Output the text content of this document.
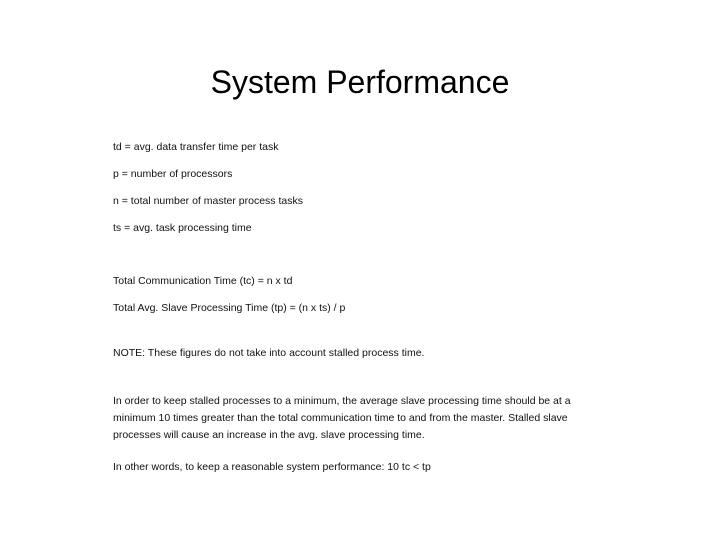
System Performance
td = avg. data transfer time per task
p = number of processors
n = total number of master process tasks
ts = avg. task processing time
Total Communication Time (tc) = n x td
Total Avg. Slave Processing Time (tp) = (n x ts) / p
NOTE: These figures do not take into account stalled process time.
In order to keep stalled processes to a minimum, the average slave processing time should be at a minimum 10 times greater than the total communication time to and from the master. Stalled slave processes will cause an increase in the avg. slave processing time.
In other words, to keep a reasonable system performance: 10 tc < tp
